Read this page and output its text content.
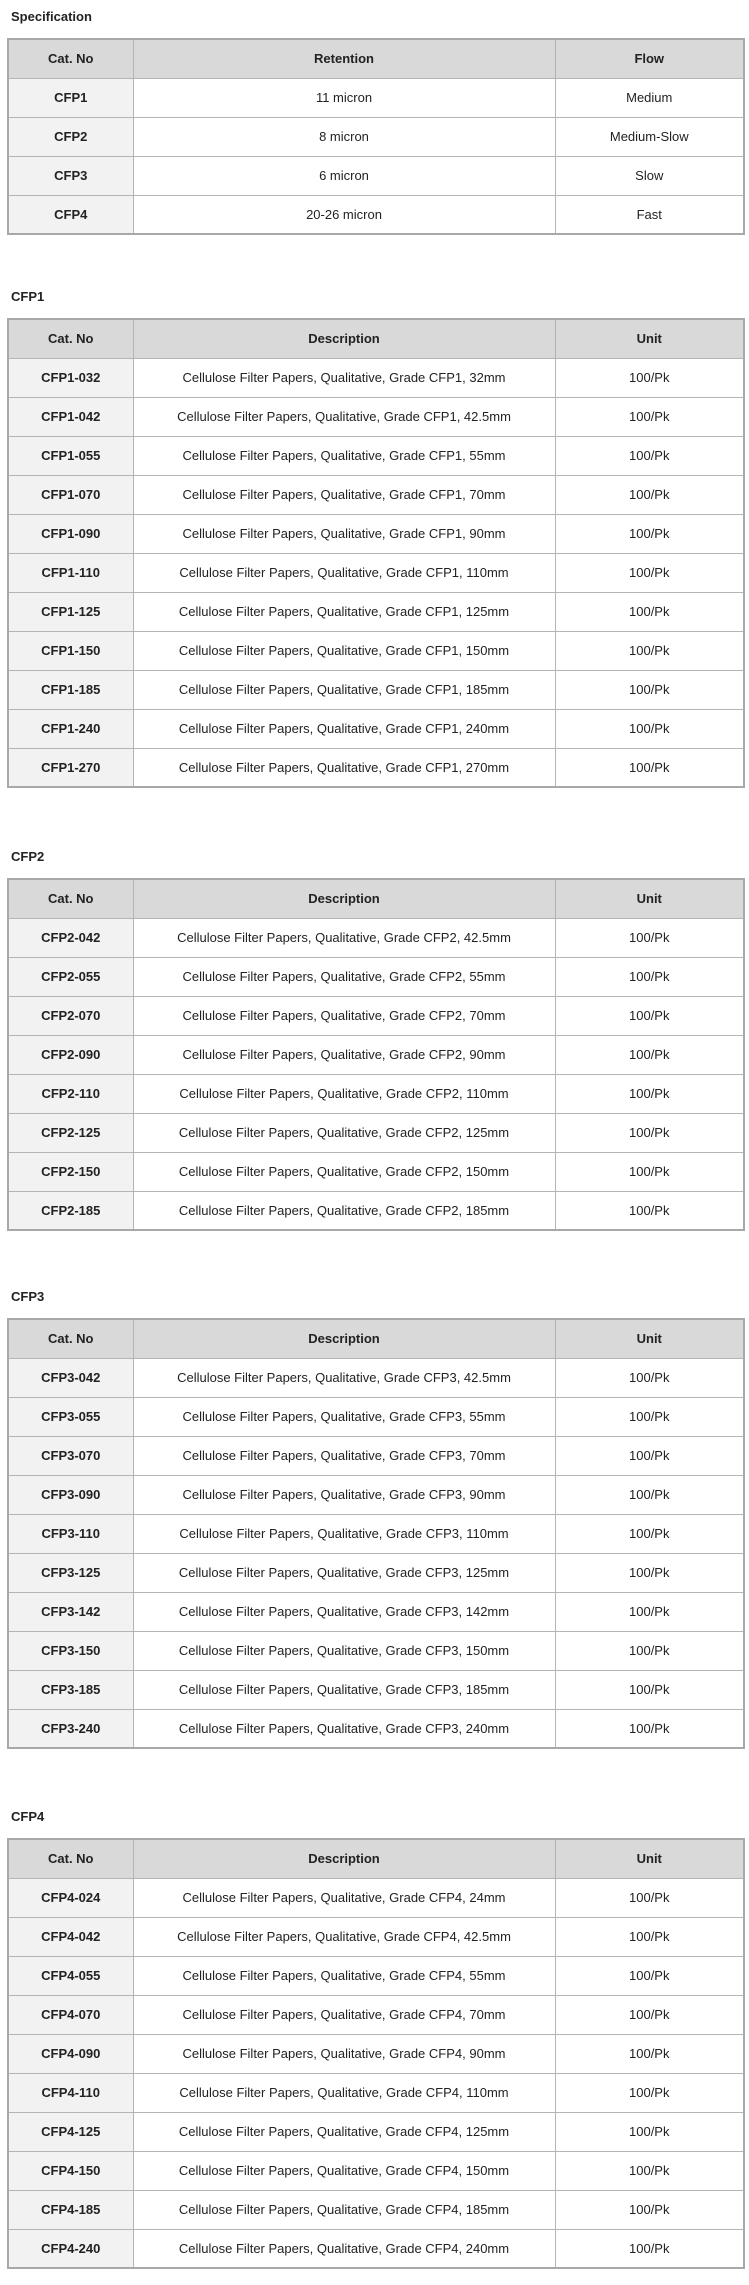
Specification
Cat. No	Retention	Flow
CFP1	11 micron	Medium
CFP2	8 micron	Medium-Slow
CFP3	6 micron	Slow
CFP4	20-26 micron	Fast
CFP1
Cat. No	Description	Unit
CFP1-032	Cellulose Filter Papers, Qualitative, Grade CFP1, 32mm	100/Pk
CFP1-042	Cellulose Filter Papers, Qualitative, Grade CFP1, 42.5mm	100/Pk
CFP1-055	Cellulose Filter Papers, Qualitative, Grade CFP1, 55mm	100/Pk
CFP1-070	Cellulose Filter Papers, Qualitative, Grade CFP1, 70mm	100/Pk
CFP1-090	Cellulose Filter Papers, Qualitative, Grade CFP1, 90mm	100/Pk
CFP1-110	Cellulose Filter Papers, Qualitative, Grade CFP1, 110mm	100/Pk
CFP1-125	Cellulose Filter Papers, Qualitative, Grade CFP1, 125mm	100/Pk
CFP1-150	Cellulose Filter Papers, Qualitative, Grade CFP1, 150mm	100/Pk
CFP1-185	Cellulose Filter Papers, Qualitative, Grade CFP1, 185mm	100/Pk
CFP1-240	Cellulose Filter Papers, Qualitative, Grade CFP1, 240mm	100/Pk
CFP1-270	Cellulose Filter Papers, Qualitative, Grade CFP1, 270mm	100/Pk
CFP2
Cat. No	Description	Unit
CFP2-042	Cellulose Filter Papers, Qualitative, Grade CFP2, 42.5mm	100/Pk
CFP2-055	Cellulose Filter Papers, Qualitative, Grade CFP2, 55mm	100/Pk
CFP2-070	Cellulose Filter Papers, Qualitative, Grade CFP2, 70mm	100/Pk
CFP2-090	Cellulose Filter Papers, Qualitative, Grade CFP2, 90mm	100/Pk
CFP2-110	Cellulose Filter Papers, Qualitative, Grade CFP2, 110mm	100/Pk
CFP2-125	Cellulose Filter Papers, Qualitative, Grade CFP2, 125mm	100/Pk
CFP2-150	Cellulose Filter Papers, Qualitative, Grade CFP2, 150mm	100/Pk
CFP2-185	Cellulose Filter Papers, Qualitative, Grade CFP2, 185mm	100/Pk
CFP3
Cat. No	Description	Unit
CFP3-042	Cellulose Filter Papers, Qualitative, Grade CFP3, 42.5mm	100/Pk
CFP3-055	Cellulose Filter Papers, Qualitative, Grade CFP3, 55mm	100/Pk
CFP3-070	Cellulose Filter Papers, Qualitative, Grade CFP3, 70mm	100/Pk
CFP3-090	Cellulose Filter Papers, Qualitative, Grade CFP3, 90mm	100/Pk
CFP3-110	Cellulose Filter Papers, Qualitative, Grade CFP3, 110mm	100/Pk
CFP3-125	Cellulose Filter Papers, Qualitative, Grade CFP3, 125mm	100/Pk
CFP3-142	Cellulose Filter Papers, Qualitative, Grade CFP3, 142mm	100/Pk
CFP3-150	Cellulose Filter Papers, Qualitative, Grade CFP3, 150mm	100/Pk
CFP3-185	Cellulose Filter Papers, Qualitative, Grade CFP3, 185mm	100/Pk
CFP3-240	Cellulose Filter Papers, Qualitative, Grade CFP3, 240mm	100/Pk
CFP4
Cat. No	Description	Unit
CFP4-024	Cellulose Filter Papers, Qualitative, Grade CFP4, 24mm	100/Pk
CFP4-042	Cellulose Filter Papers, Qualitative, Grade CFP4, 42.5mm	100/Pk
CFP4-055	Cellulose Filter Papers, Qualitative, Grade CFP4, 55mm	100/Pk
CFP4-070	Cellulose Filter Papers, Qualitative, Grade CFP4, 70mm	100/Pk
CFP4-090	Cellulose Filter Papers, Qualitative, Grade CFP4, 90mm	100/Pk
CFP4-110	Cellulose Filter Papers, Qualitative, Grade CFP4, 110mm	100/Pk
CFP4-125	Cellulose Filter Papers, Qualitative, Grade CFP4, 125mm	100/Pk
CFP4-150	Cellulose Filter Papers, Qualitative, Grade CFP4, 150mm	100/Pk
CFP4-185	Cellulose Filter Papers, Qualitative, Grade CFP4, 185mm	100/Pk
CFP4-240	Cellulose Filter Papers, Qualitative, Grade CFP4, 240mm	100/Pk
